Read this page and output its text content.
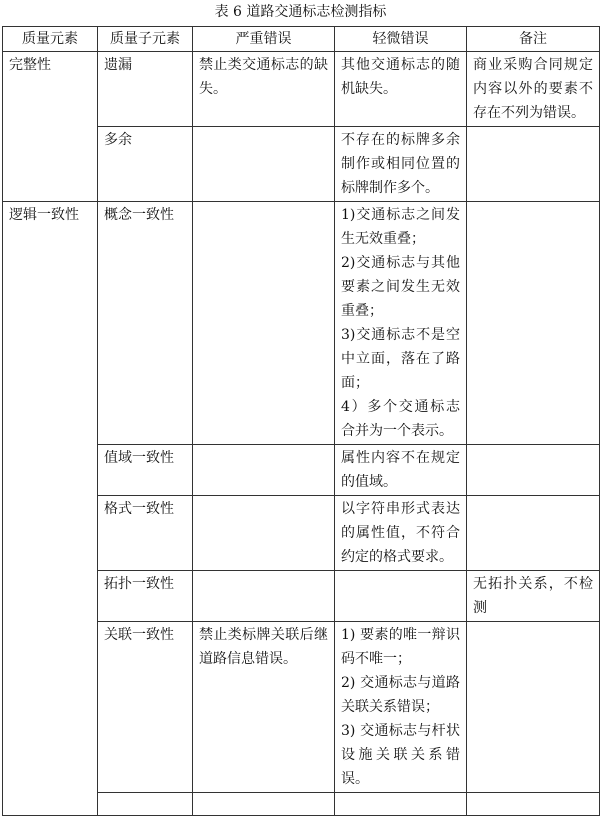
表 6 道路交通标志检测指标
质量元素	质量子元素	严重错误	轻微错误	备注	
完整性	遗漏	禁止类交通标志的缺失。	其他交通标志的随机缺失。	商业采购合同规定内容以外的要素不存在不列为错误。	

	多余		不存在的标牌多余制作或相同位置的标牌制作多个。		

逻辑一致性	概念一致性		1)交通标志之间发生无效重叠；
2)交通标志与其他要素之间发生无效重叠；
3)交通标志不是空中立面，落在了路面；
4）多个交通标志合并为一个表示。		

	值域一致性		属性内容不在规定的值域。		

	格式一致性		以字符串形式表达的属性值，不符合约定的格式要求。		

	拓扑一致性			无拓扑关系，不检测	

	关联一致性	禁止类标牌关联后继道路信息错误。	1) 要素的唯一辩识码不唯一；
2) 交通标志与道路关联关系错误；
3) 交通标志与杆状设施关联关系错误。		
